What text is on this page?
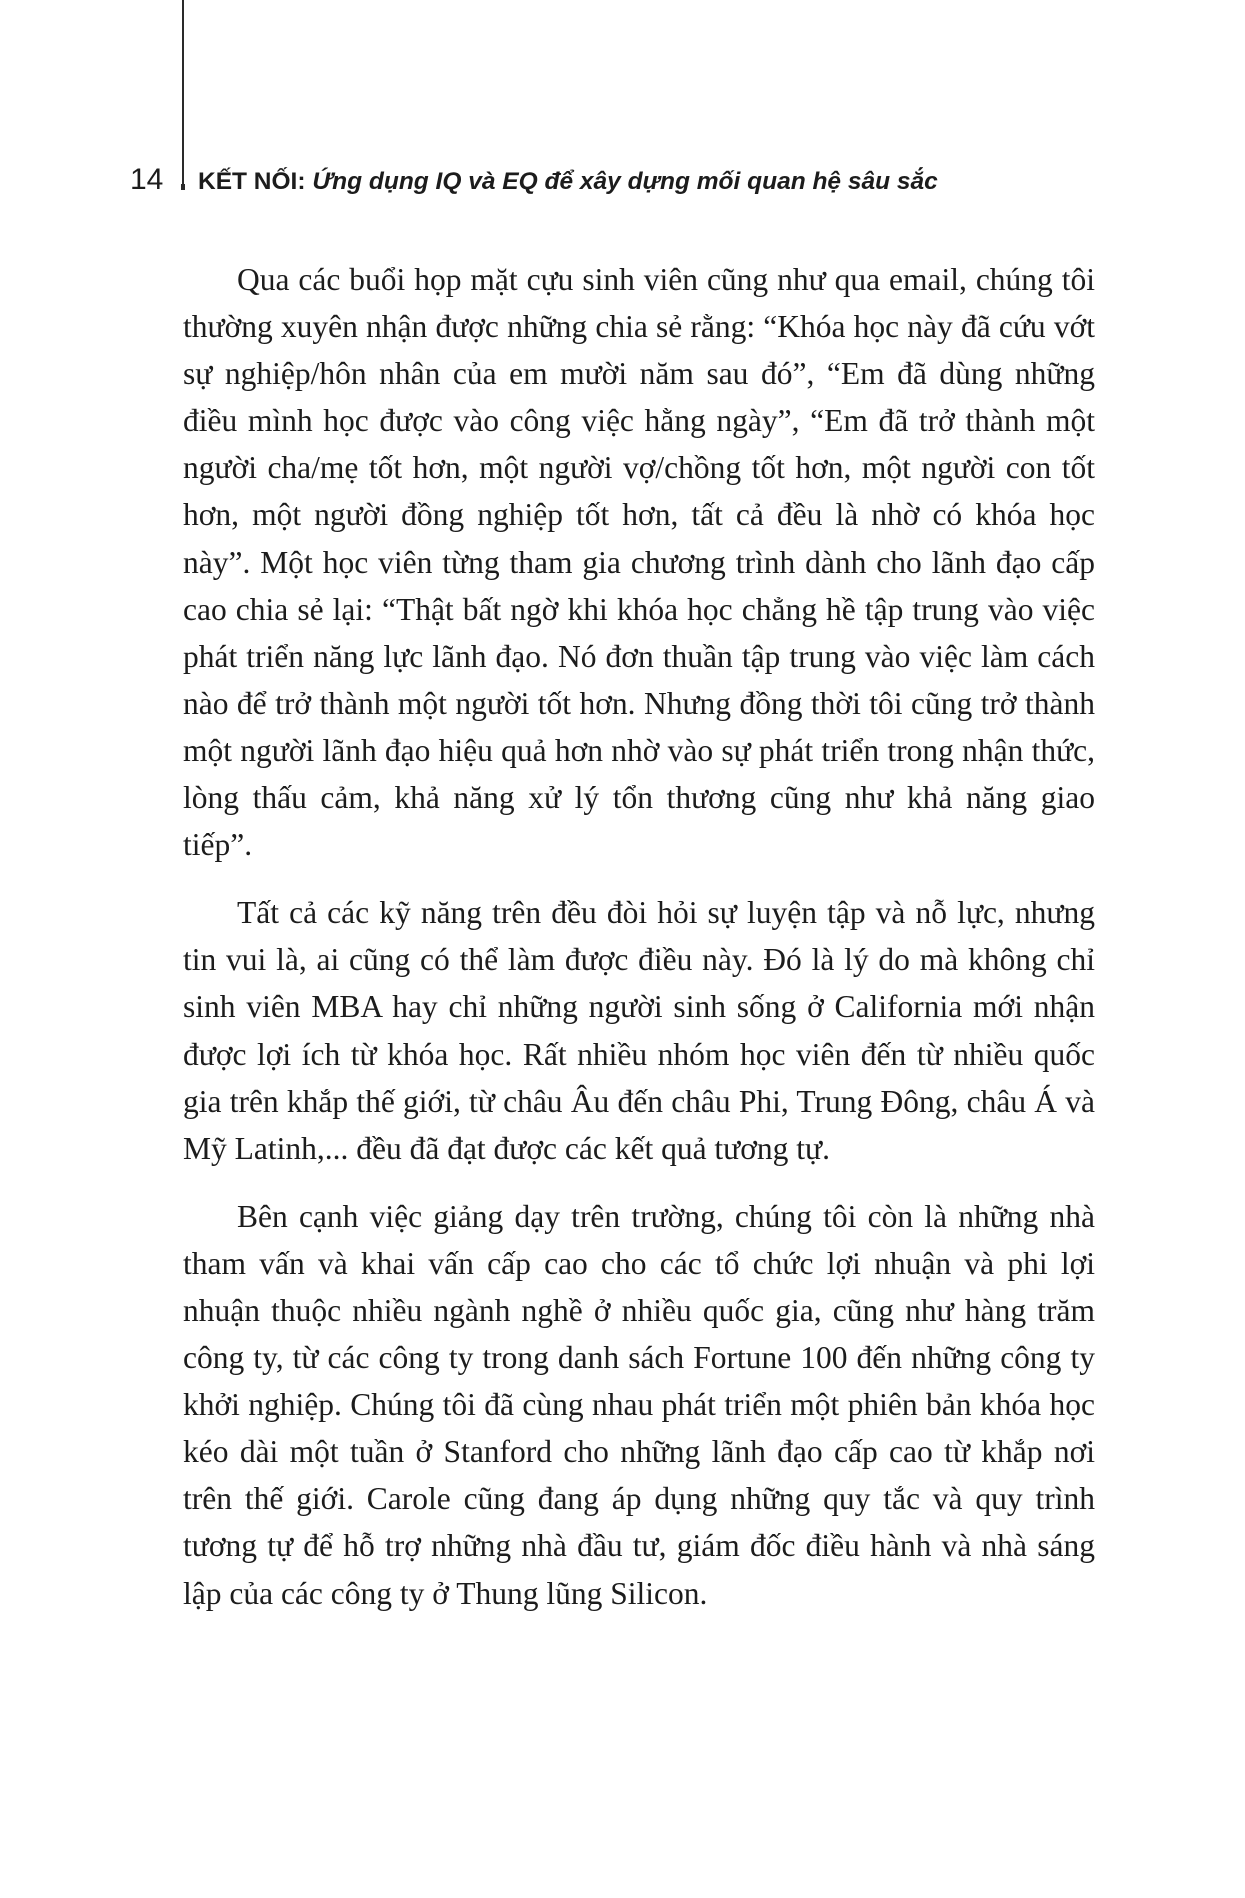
14 KẾT NỐI: Ứng dụng IQ và EQ để xây dựng mối quan hệ sâu sắc

Qua các buổi họp mặt cựu sinh viên cũng như qua email, chúng tôi thường xuyên nhận được những chia sẻ rằng: “Khóa học này đã cứu vớt sự nghiệp/hôn nhân của em mười năm sau đó”, “Em đã dùng những điều mình học được vào công việc hằng ngày”, “Em đã trở thành một người cha/mẹ tốt hơn, một người vợ/chồng tốt hơn, một người con tốt hơn, một người đồng nghiệp tốt hơn, tất cả đều là nhờ có khóa học này”. Một học viên từng tham gia chương trình dành cho lãnh đạo cấp cao chia sẻ lại: “Thật bất ngờ khi khóa học chẳng hề tập trung vào việc phát triển năng lực lãnh đạo. Nó đơn thuần tập trung vào việc làm cách nào để trở thành một người tốt hơn. Nhưng đồng thời tôi cũng trở thành một người lãnh đạo hiệu quả hơn nhờ vào sự phát triển trong nhận thức, lòng thấu cảm, khả năng xử lý tổn thương cũng như khả năng giao tiếp”.

Tất cả các kỹ năng trên đều đòi hỏi sự luyện tập và nỗ lực, nhưng tin vui là, ai cũng có thể làm được điều này. Đó là lý do mà không chỉ sinh viên MBA hay chỉ những người sinh sống ở California mới nhận được lợi ích từ khóa học. Rất nhiều nhóm học viên đến từ nhiều quốc gia trên khắp thế giới, từ châu Âu đến châu Phi, Trung Đông, châu Á và Mỹ Latinh,... đều đã đạt được các kết quả tương tự.

Bên cạnh việc giảng dạy trên trường, chúng tôi còn là những nhà tham vấn và khai vấn cấp cao cho các tổ chức lợi nhuận và phi lợi nhuận thuộc nhiều ngành nghề ở nhiều quốc gia, cũng như hàng trăm công ty, từ các công ty trong danh sách Fortune 100 đến những công ty khởi nghiệp. Chúng tôi đã cùng nhau phát triển một phiên bản khóa học kéo dài một tuần ở Stanford cho những lãnh đạo cấp cao từ khắp nơi trên thế giới. Carole cũng đang áp dụng những quy tắc và quy trình tương tự để hỗ trợ những nhà đầu tư, giám đốc điều hành và nhà sáng lập của các công ty ở Thung lũng Silicon.
